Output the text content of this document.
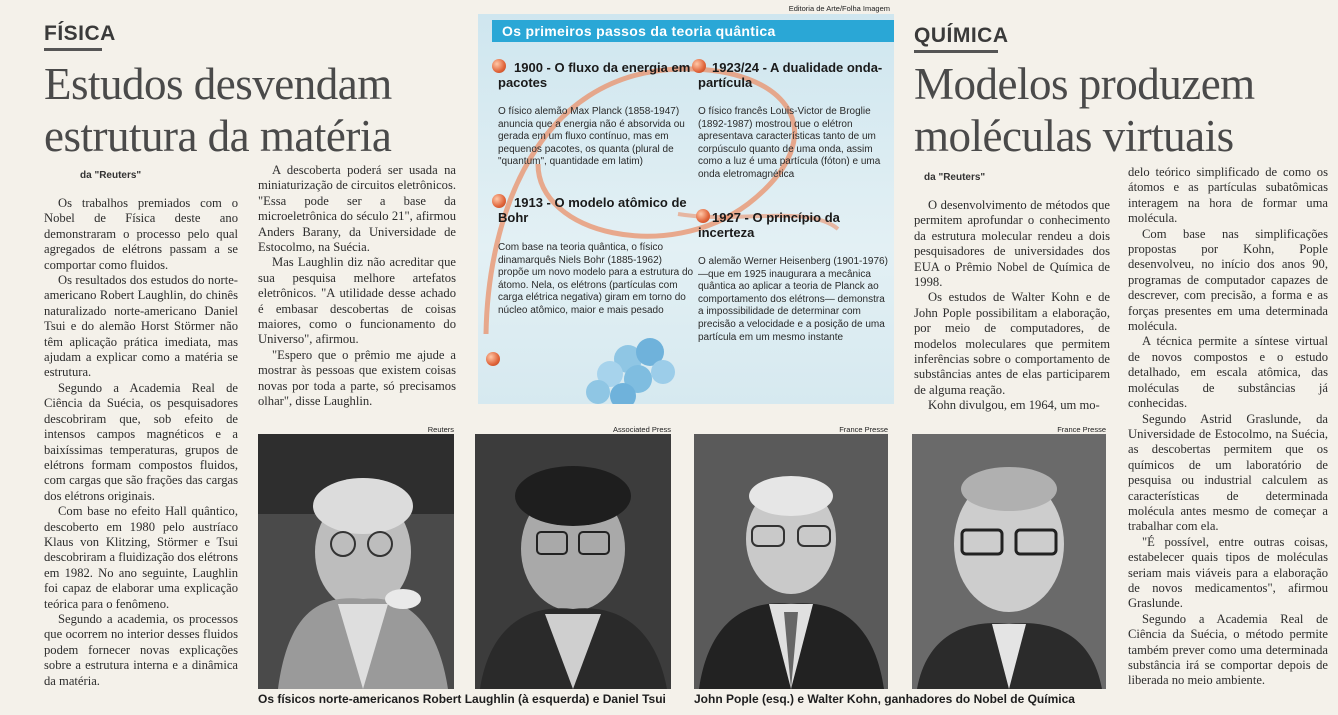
FÍSICA
Estudos desvendam
estrutura da matéria
da "Reuters"

Os trabalhos premiados com o Nobel de Física deste ano demonstraram o processo pelo qual agregados de elétrons passam a se comportar como fluidos.

Os resultados dos estudos do norte-americano Robert Laughlin, do chinês naturalizado norte-americano Daniel Tsui e do alemão Horst Störmer não têm aplicação prática imediata, mas ajudam a explicar como a matéria se estrutura.

Segundo a Academia Real de Ciência da Suécia, os pesquisadores descobriram que, sob efeito de intensos campos magnéticos e a baixíssimas temperaturas, grupos de elétrons formam compostos fluidos, com cargas que são frações das cargas dos elétrons originais.

Com base no efeito Hall quântico, descoberto em 1980 pelo austríaco Klaus von Klitzing, Störmer e Tsui descobriram a fluidização dos elétrons em 1982. No ano seguinte, Laughlin foi capaz de elaborar uma explicação teórica para o fenômeno.

Segundo a academia, os processos que ocorrem no interior desses fluidos podem fornecer novas explicações sobre a estrutura interna e a dinâmica da matéria.

A descoberta poderá ser usada na miniaturização de circuitos eletrônicos. "Essa pode ser a base da microeletrônica do século 21", afirmou Anders Barany, da Universidade de Estocolmo, na Suécia.

Mas Laughlin diz não acreditar que sua pesquisa melhore artefatos eletrônicos. "A utilidade desse achado é embasar descobertas de coisas maiores, como o funcionamento do Universo", afirmou.

"Espero que o prêmio me ajude a mostrar às pessoas que existem coisas novas por toda a parte, só precisamos olhar", disse Laughlin.

Editoria de Arte/Folha Imagem
Os primeiros passos da teoria quântica
1900 - O fluxo da energia em pacotes
O físico alemão Max Planck (1858-1947) anuncia que a energia não é absorvida ou gerada em um fluxo contínuo, mas em pequenos pacotes, os quanta (plural de "quantum", quantidade em latim)
1923/24 - A dualidade onda-partícula
O físico francês Louis-Victor de Broglie (1892-1987) mostrou que o elétron apresentava características tanto de um corpúsculo quanto de uma onda, assim como a luz é uma partícula (fóton) e uma onda eletromagnética
1913 - O modelo atômico de Bohr
Com base na teoria quântica, o físico dinamarquês Niels Bohr (1885-1962) propõe um novo modelo para a estrutura do átomo. Nela, os elétrons (partículas com carga elétrica negativa) giram em torno do núcleo atômico, maior e mais pesado
1927 - O princípio da incerteza
O alemão Werner Heisenberg (1901-1976) —que em 1925 inaugurara a mecânica quântica ao aplicar a teoria de Planck ao comportamento dos elétrons— demonstra a impossibilidade de determinar com precisão a velocidade e a posição de uma partícula em um mesmo instante
Reuters	Associated Press	France Presse	France Presse
Os físicos norte-americanos Robert Laughlin (à esquerda) e Daniel Tsui John Pople (esq.) e Walter Kohn, ganhadores do Nobel de Química
QUÍMICA
Modelos produzem
moléculas virtuais
da "Reuters"

O desenvolvimento de métodos que permitem aprofundar o conhecimento da estrutura molecular rendeu a dois pesquisadores de universidades dos EUA o Prêmio Nobel de Química de 1998.

Os estudos de Walter Kohn e de John Pople possibilitam a elaboração, por meio de computadores, de modelos moleculares que permitem inferências sobre o comportamento de substâncias antes de elas participarem de alguma reação.

Kohn divulgou, em 1964, um mo-

delo teórico simplificado de como os átomos e as partículas subatômicas interagem na hora de formar uma molécula.

Com base nas simplificações propostas por Kohn, Pople desenvolveu, no início dos anos 90, programas de computador capazes de descrever, com precisão, a forma e as forças presentes em uma determinada molécula.

A técnica permite a síntese virtual de novos compostos e o estudo detalhado, em escala atômica, das moléculas de substâncias já conhecidas.

Segundo Astrid Graslunde, da Universidade de Estocolmo, na Suécia, as descobertas permitem que os químicos de um laboratório de pesquisa ou industrial calculem as características de determinada molécula antes mesmo de começar a trabalhar com ela.

"É possível, entre outras coisas, estabelecer quais tipos de moléculas seriam mais viáveis para a elaboração de novos medicamentos", afirmou Graslunde.

Segundo a Academia Real de Ciência da Suécia, o método permite também prever como uma determinada substância irá se comportar depois de liberada no meio ambiente.
